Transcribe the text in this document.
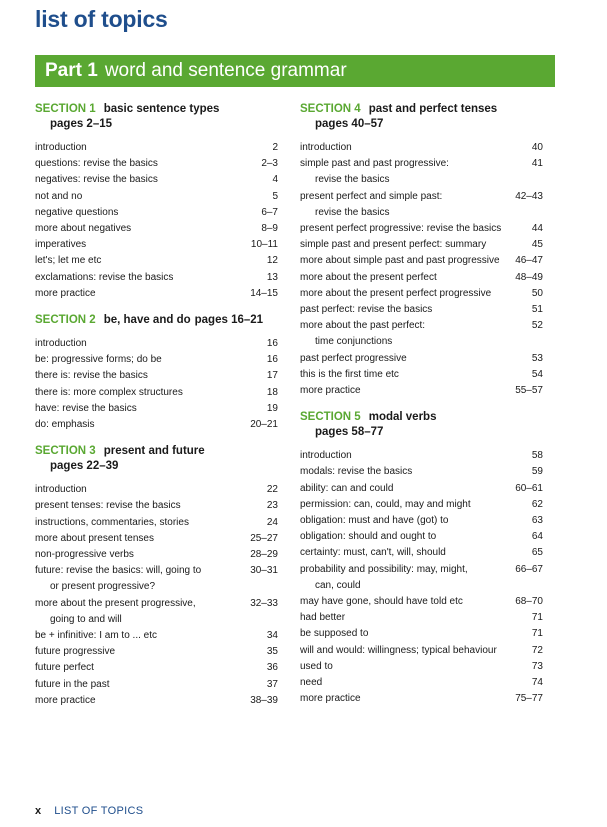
list of topics
Part 1 word and sentence grammar
SECTION 1 basic sentence types
pages 2–15
introduction	2
questions: revise the basics	2–3
negatives: revise the basics	4
not and no	5
negative questions	6–7
more about negatives	8–9
imperatives	10–11
let's; let me etc	12
exclamations: revise the basics	13
more practice	14–15
SECTION 2 be, have and do pages 16–21
introduction	16
be: progressive forms; do be	16
there is: revise the basics	17
there is: more complex structures	18
have: revise the basics	19
do: emphasis	20–21
SECTION 3 present and future
pages 22–39
introduction	22
present tenses: revise the basics	23
instructions, commentaries, stories	24
more about present tenses	25–27
non-progressive verbs	28–29
future: revise the basics: will, going to	30–31
or present progressive?
more about the present progressive,	32–33
going to and will
be + infinitive: I am to ... etc	34
future progressive	35
future perfect	36
future in the past	37
more practice	38–39
SECTION 4 past and perfect tenses
pages 40–57
introduction	40
simple past and past progressive:	41
revise the basics
present perfect and simple past:	42–43
revise the basics
present perfect progressive: revise the basics	44
simple past and present perfect: summary	45
more about simple past and past progressive 46–47
more about the present perfect	48–49
more about the present perfect progressive	50
past perfect: revise the basics	51
more about the past perfect:	52
time conjunctions
past perfect progressive	53
this is the first time etc	54
more practice	55–57
SECTION 5 modal verbs
pages 58–77
introduction	58
modals: revise the basics	59
ability: can and could	60–61
permission: can, could, may and might	62
obligation: must and have (got) to	63
obligation: should and ought to	64
certainty: must, can't, will, should	65
probability and possibility: may, might,	66–67
can, could
may have gone, should have told etc	68–70
had better	71
be supposed to	71
will and would: willingness; typical behaviour	72
used to	73
need	74
more practice	75–77
x LIST OF TOPICS
